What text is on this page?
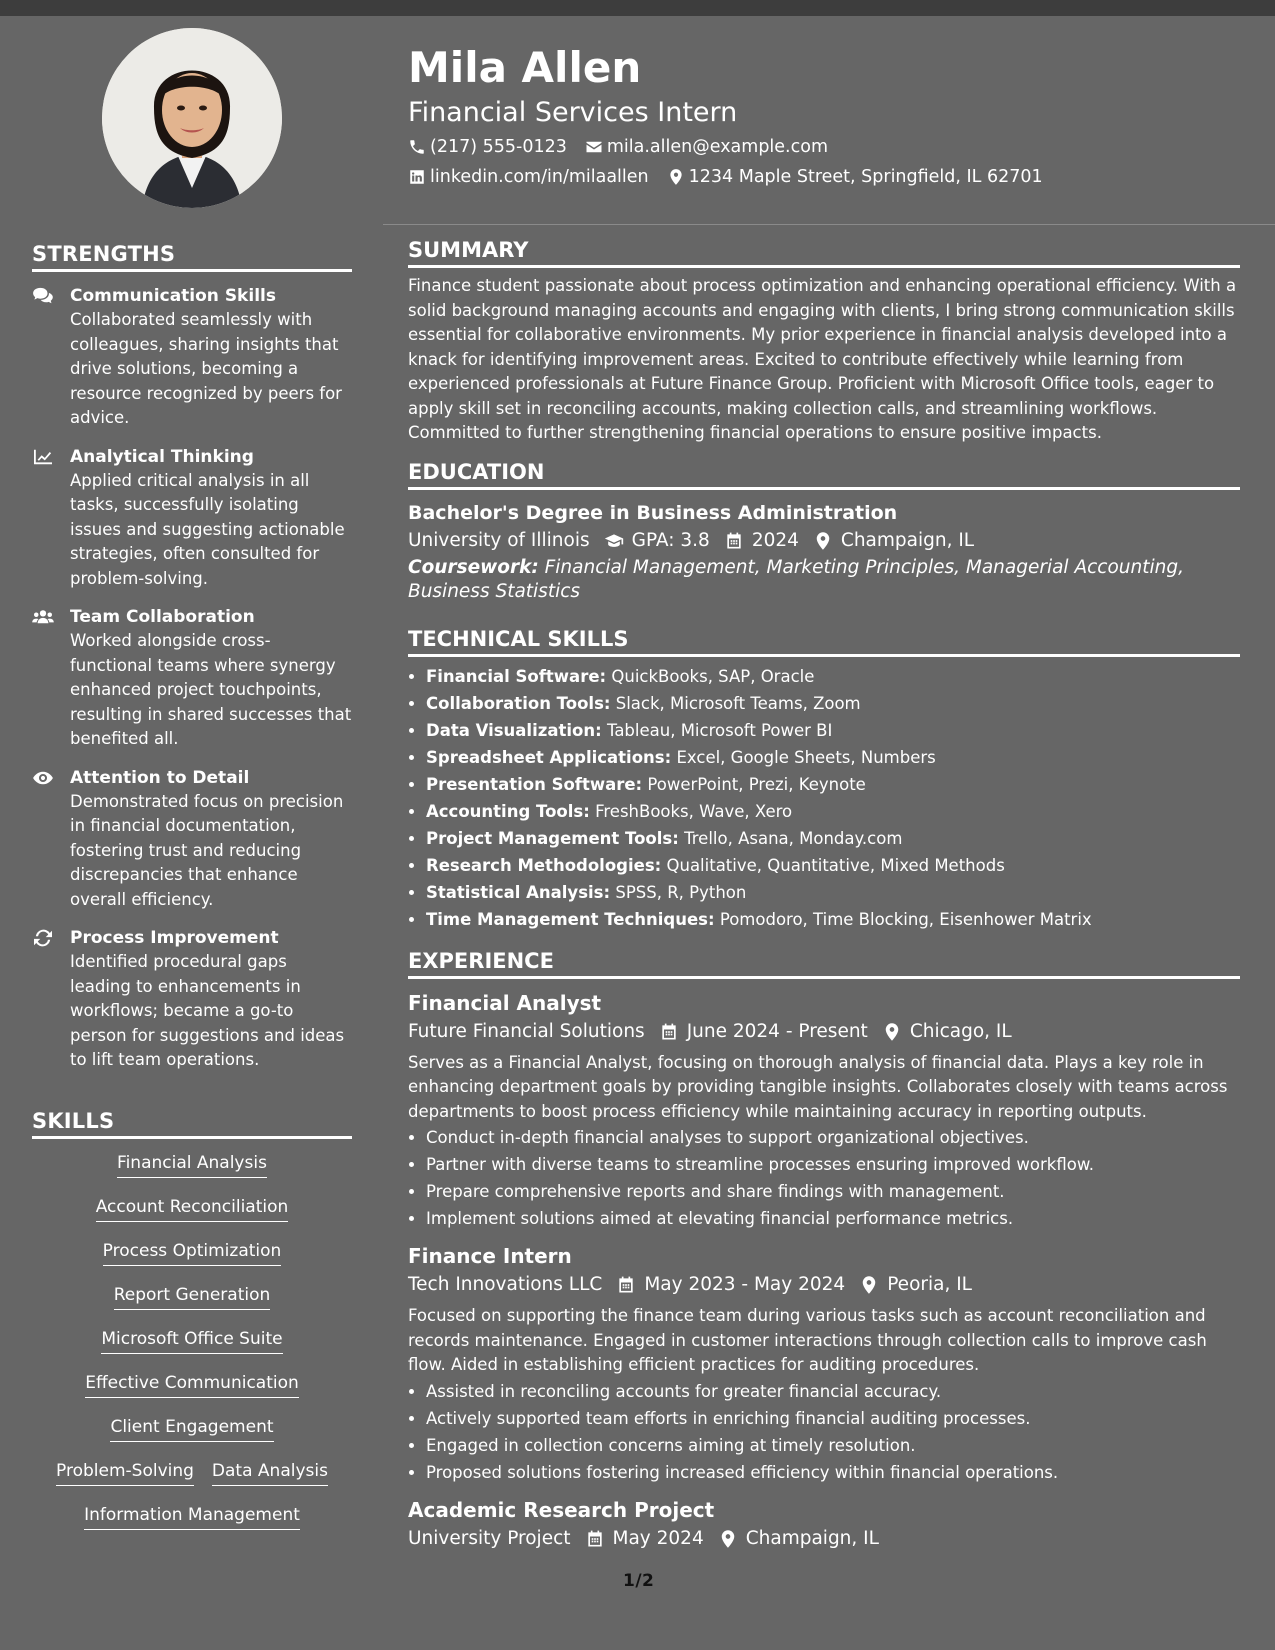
STRENGTHS
Communication Skills
Collaborated seamlessly with colleagues, sharing insights that drive solutions, becoming a resource recognized by peers for advice.
Analytical Thinking
Applied critical analysis in all tasks, successfully isolating issues and suggesting actionable strategies, often consulted for problem-solving.
Team Collaboration
Worked alongside cross-functional teams where synergy enhanced project touchpoints, resulting in shared successes that benefited all.
Attention to Detail
Demonstrated focus on precision in financial documentation, fostering trust and reducing discrepancies that enhance overall efficiency.
Process Improvement
Identified procedural gaps leading to enhancements in workflows; became a go-to person for suggestions and ideas to lift team operations.
SKILLS
Financial Analysis
Account Reconciliation
Process Optimization
Report Generation
Microsoft Office Suite
Effective Communication
Client Engagement
Problem-Solving Data Analysis
Information Management
Mila Allen
Financial Services Intern
(217) 555-0123 mila.allen@example.com
linkedin.com/in/milaallen 1234 Maple Street, Springfield, IL 62701
SUMMARY
Finance student passionate about process optimization and enhancing operational efficiency. With a solid background managing accounts and engaging with clients, I bring strong communication skills essential for collaborative environments. My prior experience in financial analysis developed into a knack for identifying improvement areas. Excited to contribute effectively while learning from experienced professionals at Future Finance Group. Proficient with Microsoft Office tools, eager to apply skill set in reconciling accounts, making collection calls, and streamlining workflows. Committed to further strengthening financial operations to ensure positive impacts.
EDUCATION
Bachelor's Degree in Business Administration
University of Illinois GPA: 3.8 2024 Champaign, IL
Coursework: Financial Management, Marketing Principles, Managerial Accounting, Business Statistics
TECHNICAL SKILLS
• Financial Software: QuickBooks, SAP, Oracle
• Collaboration Tools: Slack, Microsoft Teams, Zoom
• Data Visualization: Tableau, Microsoft Power BI
• Spreadsheet Applications: Excel, Google Sheets, Numbers
• Presentation Software: PowerPoint, Prezi, Keynote
• Accounting Tools: FreshBooks, Wave, Xero
• Project Management Tools: Trello, Asana, Monday.com
• Research Methodologies: Qualitative, Quantitative, Mixed Methods
• Statistical Analysis: SPSS, R, Python
• Time Management Techniques: Pomodoro, Time Blocking, Eisenhower Matrix
EXPERIENCE
Financial Analyst
Future Financial Solutions June 2024 - Present Chicago, IL
Serves as a Financial Analyst, focusing on thorough analysis of financial data. Plays a key role in enhancing department goals by providing tangible insights. Collaborates closely with teams across departments to boost process efficiency while maintaining accuracy in reporting outputs.
• Conduct in-depth financial analyses to support organizational objectives.
• Partner with diverse teams to streamline processes ensuring improved workflow.
• Prepare comprehensive reports and share findings with management.
• Implement solutions aimed at elevating financial performance metrics.
Finance Intern
Tech Innovations LLC May 2023 - May 2024 Peoria, IL
Focused on supporting the finance team during various tasks such as account reconciliation and records maintenance. Engaged in customer interactions through collection calls to improve cash flow. Aided in establishing efficient practices for auditing procedures.
• Assisted in reconciling accounts for greater financial accuracy.
• Actively supported team efforts in enriching financial auditing processes.
• Engaged in collection concerns aiming at timely resolution.
• Proposed solutions fostering increased efficiency within financial operations.
Academic Research Project
University Project May 2024 Champaign, IL
1/2
